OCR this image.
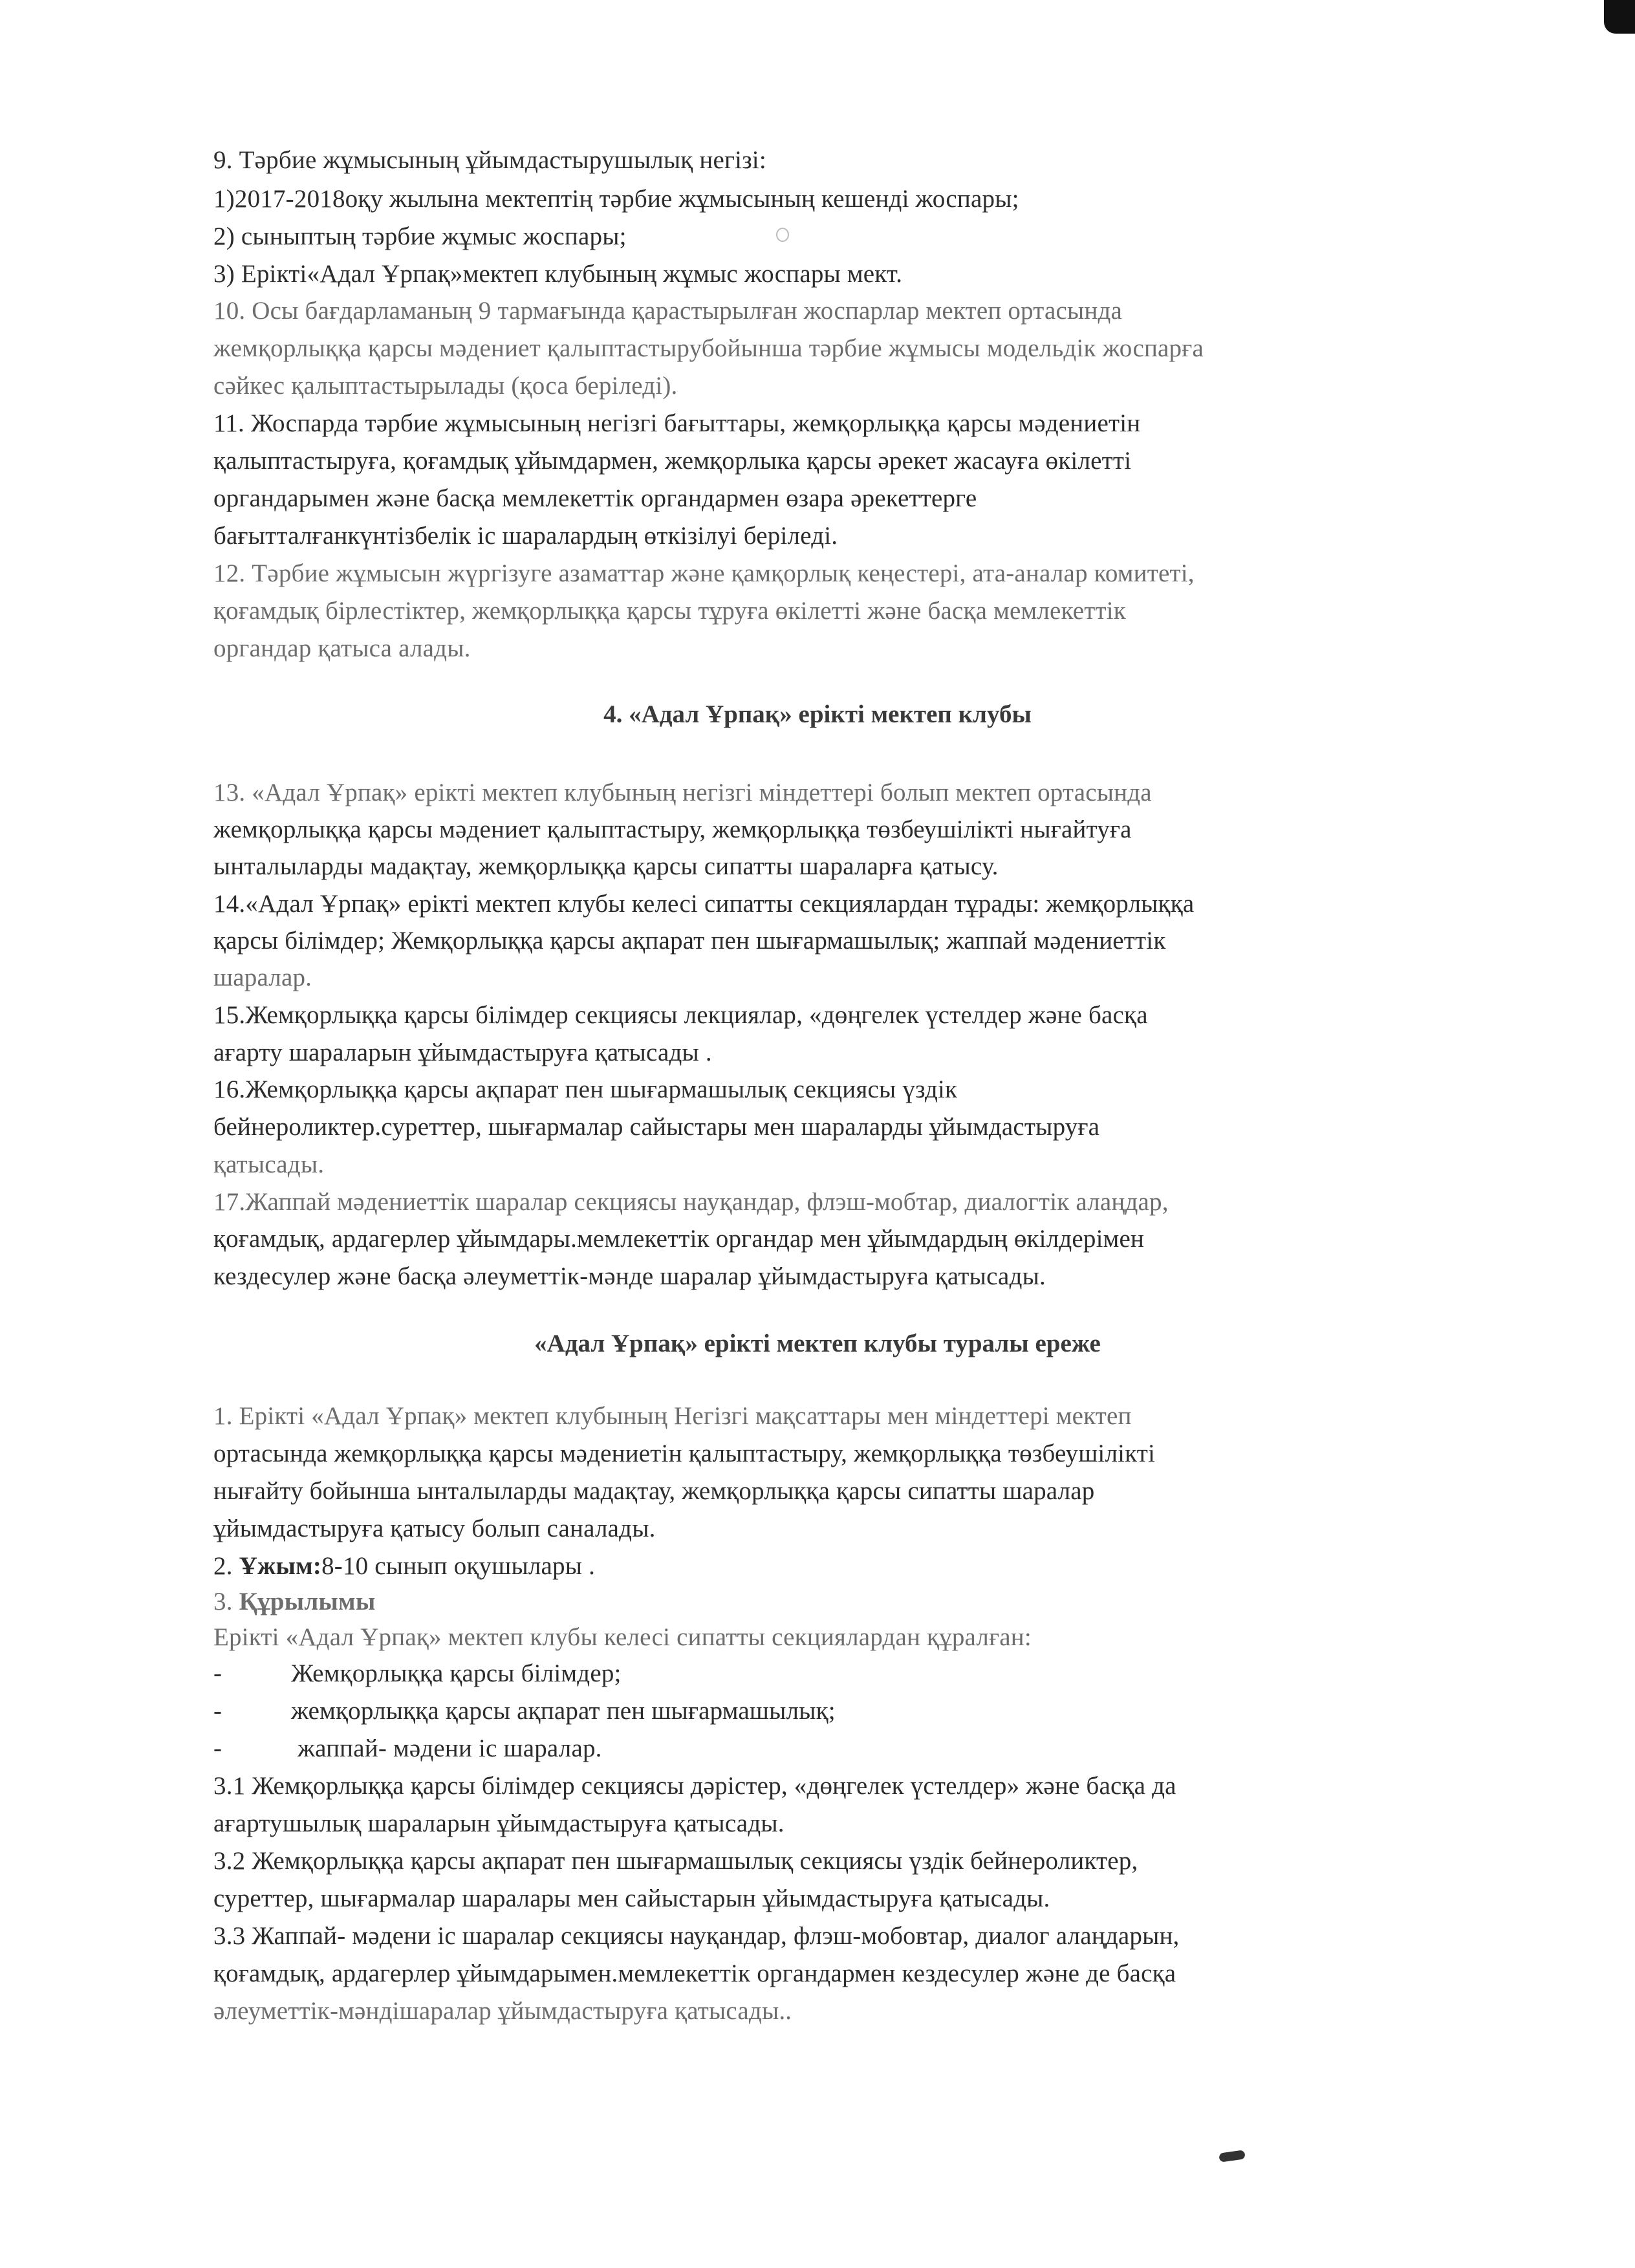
9. Тәрбие жұмысының ұйымдастырушылық негізі:
1)2017-2018оқу жылына мектептің тәрбие жұмысының кешенді жоспары;
2) сыныптың тәрбие жұмыс жоспары;
3) Ерікті«Адал Ұрпақ»мектеп клубының жұмыс жоспары мект.
10. Осы бағдарламаның 9 тармағында қарастырылған жоспарлар мектеп ортасында
жемқорлыққа қарсы мәдениет қалыптастырубойынша тәрбие жұмысы модельдік жоспарға
сәйкес қалыптастырылады (қоса беріледі).
11. Жоспарда тәрбие жұмысының негізгі бағыттары, жемқорлыққа қарсы мәдениетін
қалыптастыруға, қоғамдық ұйымдармен, жемқорлыка қарсы әрекет жасауға өкілетті
органдарымен және басқа мемлекеттік органдармен өзара әрекеттерге
бағытталғанкүнтізбелік іс шаралардың өткізілуі беріледі.
12. Тәрбие жұмысын жүргізуге азаматтар және қамқорлық кеңестері, ата-аналар комитеті,
қоғамдық бірлестіктер, жемқорлыққа қарсы тұруға өкілетті және басқа мемлекеттік
органдар қатыса алады.
4. «Адал Ұрпақ» ерікті мектеп клубы
13. «Адал Ұрпақ» ерікті мектеп клубының негізгі міндеттері болып мектеп ортасында
жемқорлыққа қарсы мәдениет қалыптастыру, жемқорлыққа төзбеушілікті нығайтуға
ынталыларды мадақтау, жемқорлыққа қарсы сипатты шараларға қатысу.
14.«Адал Ұрпақ» ерікті мектеп клубы келесі сипатты секциялардан тұрады: жемқорлыққа
қарсы білімдер; Жемқорлыққа қарсы ақпарат пен шығармашылық; жаппай мәдениеттік
шаралар.
15.Жемқорлыққа қарсы білімдер секциясы лекциялар, «дөңгелек үстелдер және басқа
ағарту шараларын ұйымдастыруға қатысады .
16.Жемқорлыққа қарсы ақпарат пен шығармашылық секциясы үздік
бейнероликтер.суреттер, шығармалар сайыстары мен шараларды ұйымдастыруға
қатысады.
17.Жаппай мәдениеттік шаралар секциясы науқандар, флэш-мобтар, диалогтік алаңдар,
қоғамдық, ардагерлер ұйымдары.мемлекеттік органдар мен ұйымдардың өкілдерімен
кездесулер және басқа әлеуметтік-мәнде шаралар ұйымдастыруға қатысады.
«Адал Ұрпақ» ерікті мектеп клубы туралы ереже
1. Ерікті «Адал Ұрпақ» мектеп клубының Негізгі мақсаттары мен міндеттері мектеп
ортасында жемқорлыққа қарсы мәдениетін қалыптастыру, жемқорлыққа төзбеушілікті
нығайту бойынша ынталыларды мадақтау, жемқорлыққа қарсы сипатты шаралар
ұйымдастыруға қатысу болып саналады.
2. Ұжым:8-10 сынып оқушылары .
3. Құрылымы
Ерікті «Адал Ұрпақ» мектеп клубы келесі сипатты секциялардан құралған:
-	Жемқорлыққа қарсы білімдер;
-	жемқорлыққа қарсы ақпарат пен шығармашылық;
-	жаппай- мәдени іс шаралар.
3.1 Жемқорлыққа қарсы білімдер секциясы дәрістер, «дөңгелек үстелдер» және басқа да
ағартушылық шараларын ұйымдастыруға қатысады.
3.2 Жемқорлыққа қарсы ақпарат пен шығармашылық секциясы үздік бейнероликтер,
суреттер, шығармалар шаралары мен сайыстарын ұйымдастыруға қатысады.
3.3 Жаппай- мәдени іс шаралар секциясы науқандар, флэш-мобовтар, диалог алаңдарын,
қоғамдық, ардагерлер ұйымдарымен.мемлекеттік органдармен кездесулер және де басқа
әлеуметтік-мәндішаралар ұйымдастыруға қатысады..
